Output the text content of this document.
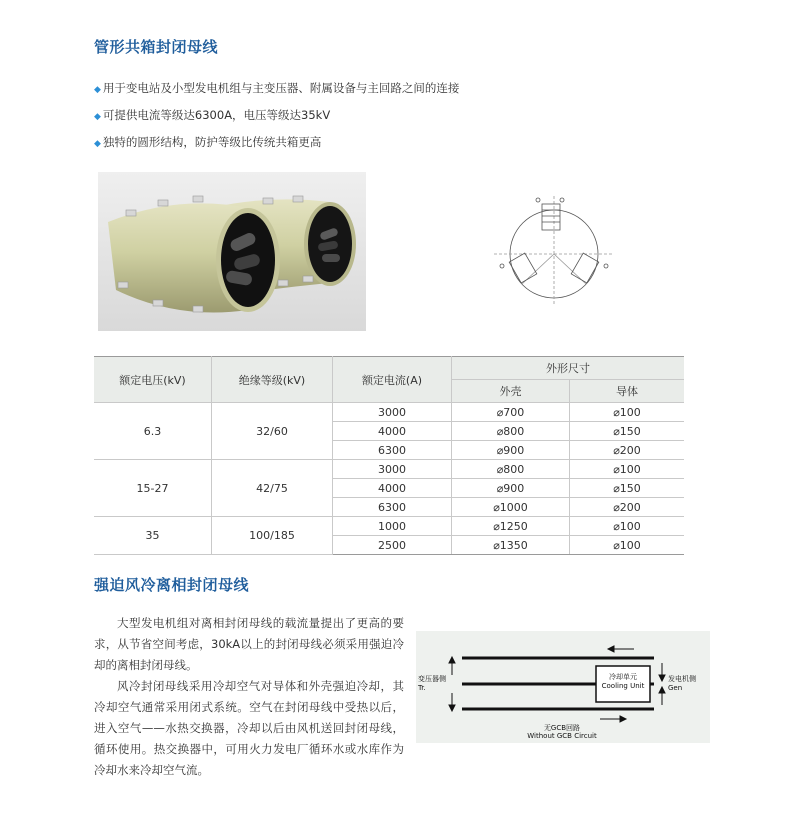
管形共箱封闭母线
◆ 用于变电站及小型发电机组与主变压器、附属设备与主回路之间的连接
◆ 可提供电流等级达6300A，电压等级达35kV
◆ 独特的圆形结构，防护等级比传统共箱更高
额定电压(kV)	绝缘等级(kV)	额定电流(A)	外形尺寸	
			外壳	导体
6.3	32/60	3000	⌀700	⌀100
		4000	⌀800	⌀150
		6300	⌀900	⌀200
15-27	42/75	3000	⌀800	⌀100
		4000	⌀900	⌀150
		6300	⌀1000	⌀200
35	100/185	1000	⌀1250	⌀100
		2500	⌀1350	⌀100
强迫风冷离相封闭母线

大型发电机组对离相封闭母线的载流量提出了更高的要求，从节省空间考虑，30kA以上的封闭母线必须采用强迫冷却的离相封闭母线。

风冷封闭母线采用冷却空气对导体和外壳强迫冷却，其冷却空气通常采用闭式系统。空气在封闭母线中受热以后，进入空气——水热交换器，冷却以后由风机送回封闭母线，循环使用。热交换器中，可用火力发电厂循环水或水库作为冷却水来冷却空气流。

变压器侧
Tr.
冷却单元
Cooling Unit
发电机侧
Gen
无GCB回路
Without GCB Circuit
